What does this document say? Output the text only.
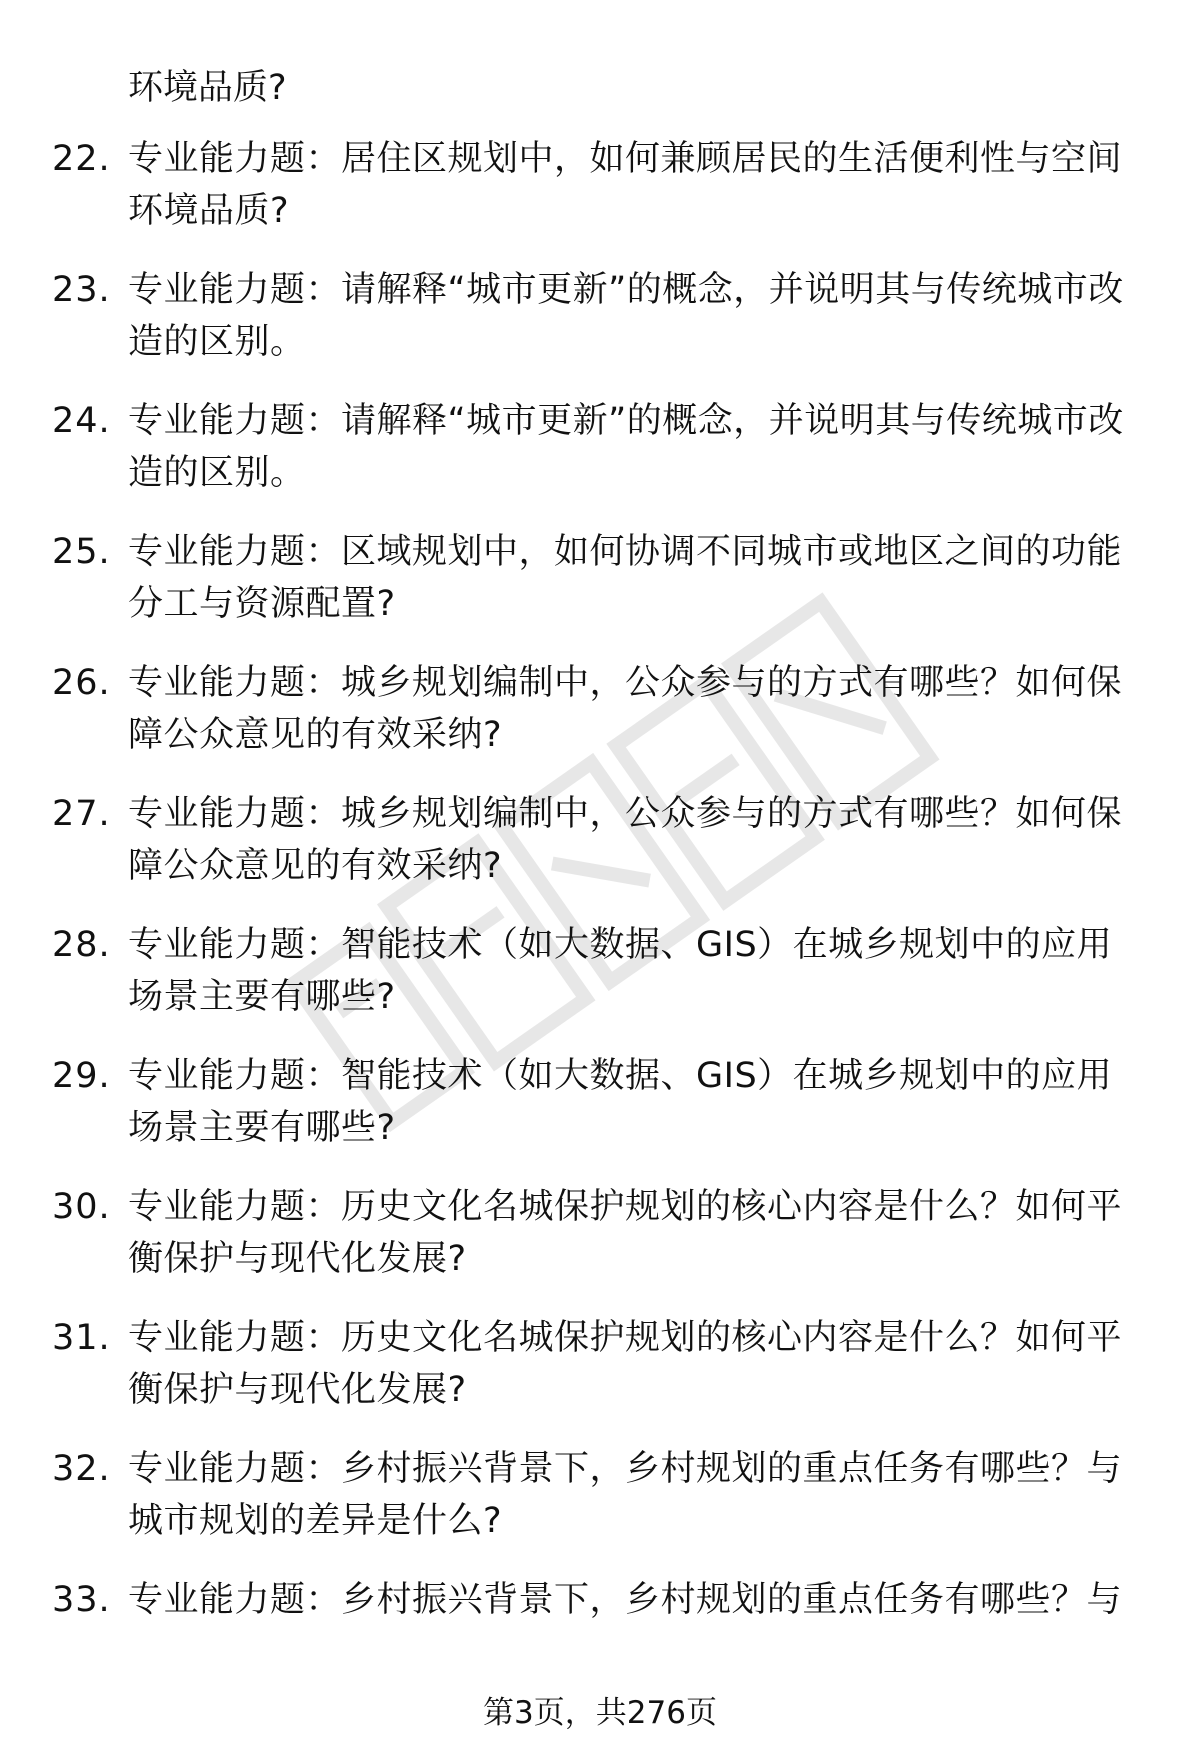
环境品质?

22. 专业能力题：居住区规划中，如何兼顾居民的生活便利性与空间环境品质?
23. 专业能力题：请解释“城市更新”的概念，并说明其与传统城市改造的区别。
24. 专业能力题：请解释“城市更新”的概念，并说明其与传统城市改造的区别。
25. 专业能力题：区域规划中，如何协调不同城市或地区之间的功能分工与资源配置?
26. 专业能力题：城乡规划编制中，公众参与的方式有哪些？如何保障公众意见的有效采纳?
27. 专业能力题：城乡规划编制中，公众参与的方式有哪些？如何保障公众意见的有效采纳?
28. 专业能力题：智能技术（如大数据、GIS）在城乡规划中的应用场景主要有哪些?
29. 专业能力题：智能技术（如大数据、GIS）在城乡规划中的应用场景主要有哪些?
30. 专业能力题：历史文化名城保护规划的核心内容是什么？如何平衡保护与现代化发展?
31. 专业能力题：历史文化名城保护规划的核心内容是什么？如何平衡保护与现代化发展?
32. 专业能力题：乡村振兴背景下，乡村规划的重点任务有哪些？与城市规划的差异是什么?
33. 专业能力题：乡村振兴背景下，乡村规划的重点任务有哪些？与
第3页，共276页
